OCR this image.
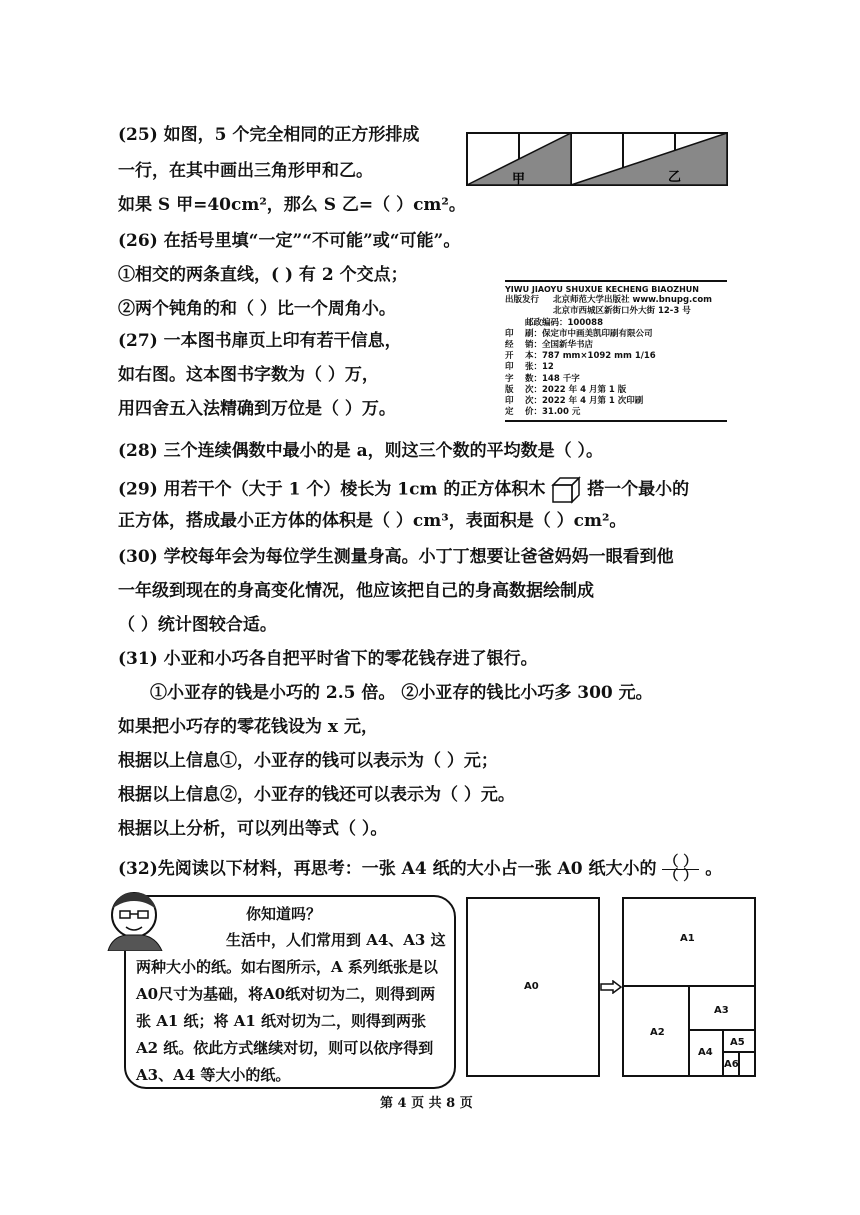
(25) 如图，5 个完全相同的正方形排成
一行，在其中画出三角形甲和乙。
如果 S 甲=40cm²，那么 S 乙=（ ）cm²。
甲	乙
(26) 在括号里填“一定”“不可能”或“可能”。
①相交的两条直线，( ) 有 2 个交点；
②两个钝角的和（ ）比一个周角小。
(27) 一本图书扉页上印有若干信息，
如右图。这本图书字数为（ ）万，
用四舍五入法精确到万位是（ ）万。
YIWU JIAOYU SHUXUE KECHENG BIAOZHUN
出版发行	北京师范大学出版社 www.bnupg.com
北京市西城区新街口外大街 12-3 号
邮政编码：100088
印	刷：保定市中画美凯印刷有限公司
经	销：全国新华书店
开	本：787 mm×1092 mm 1/16
印	张：12
字	数：148 千字
版	次：2022 年 4 月第 1 版
印	次：2022 年 4 月第 1 次印刷
定	价：31.00 元
(28) 三个连续偶数中最小的是 a，则这三个数的平均数是（ ）。
(29) 用若干个（大于 1 个）棱长为 1cm 的正方体积木 搭一个最小的
正方体，搭成最小正方体的体积是（ ）cm³，表面积是（ ）cm²。
(30) 学校每年会为每位学生测量身高。小丁丁想要让爸爸妈妈一眼看到他
一年级到现在的身高变化情况，他应该把自己的身高数据绘制成
（ ）统计图较合适。
(31) 小亚和小巧各自把平时省下的零花钱存进了银行。
①小亚存的钱是小巧的 2.5 倍。 ②小亚存的钱比小巧多 300 元。
如果把小巧存的零花钱设为 x 元，
根据以上信息①，小亚存的钱可以表示为（ ）元；
根据以上信息②，小亚存的钱还可以表示为（ ）元。
根据以上分析，可以列出等式（ ）。
(32)先阅读以下材料，再思考：一张 A4 纸的大小占一张 A0 纸大小的 $\frac{( )}{( )}$ 。
你知道吗？
生活中，人们常用到 A4、A3 这两种大小的纸。如右图所示，A 系列纸张是以A0尺寸为基础，将A0纸对切为二，则得到两张 A1 纸；将 A1 纸对切为二，则得到两张 A2 纸。依此方式继续对切，则可以依序得到 A3、A4 等大小的纸。
A0
A1
A2
A3
A4
A5
A6
第 4 页 共 8 页
